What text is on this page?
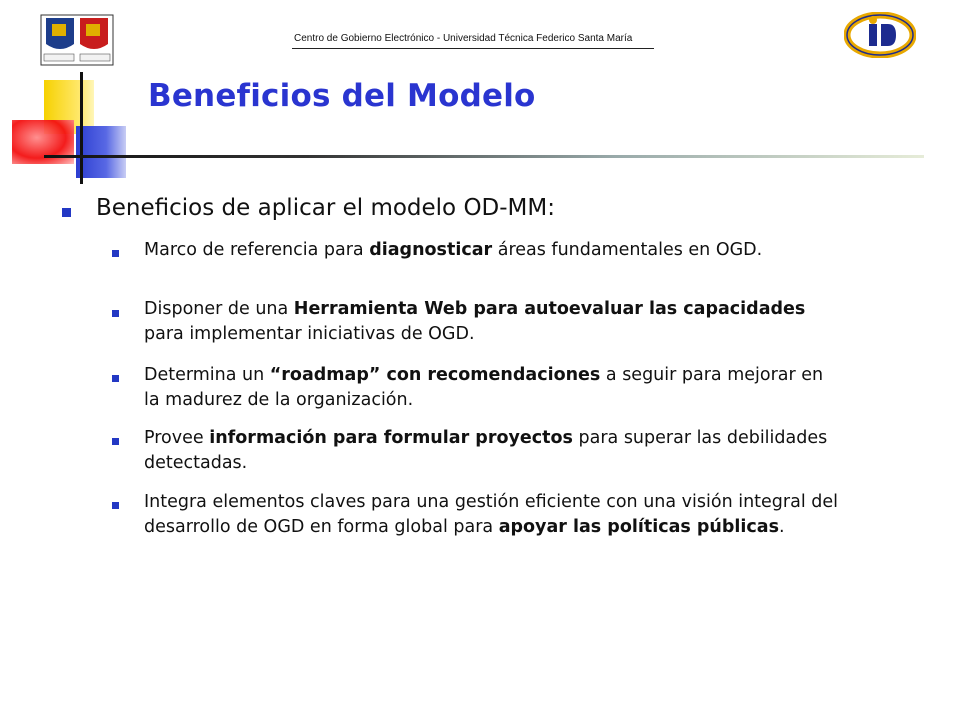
Centro de Gobierno Electrónico - Universidad Técnica Federico Santa María
Beneficios del Modelo
Beneficios de aplicar el modelo OD-MM:
Marco de referencia para diagnosticar áreas fundamentales en OGD.
Disponer de una Herramienta Web para autoevaluar las capacidades para implementar iniciativas de OGD.
Determina un “roadmap” con recomendaciones a seguir para mejorar en la madurez de la organización.
Provee información para formular proyectos para superar las debilidades detectadas.
Integra elementos claves para una gestión eficiente con una visión integral del desarrollo de OGD en forma global para apoyar las políticas públicas.
